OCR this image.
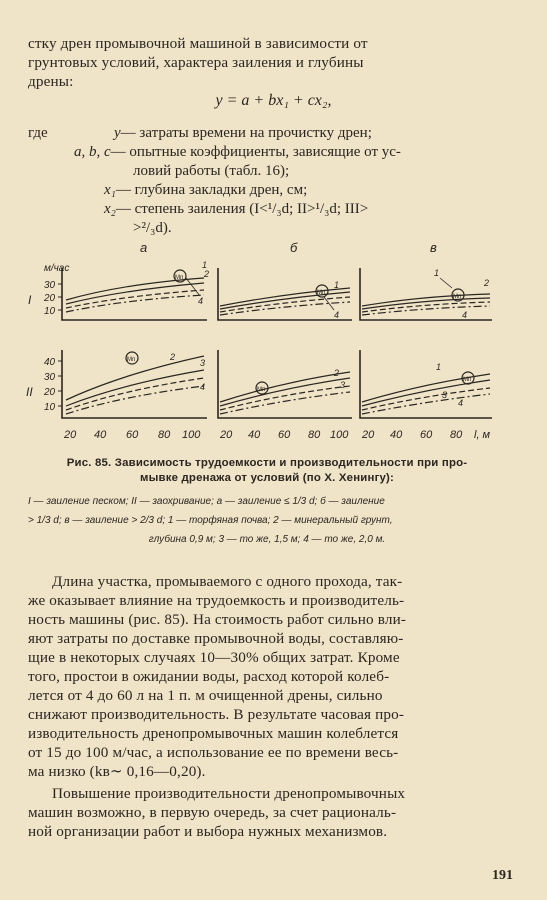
стку дрен промывочной машиной в зависимости от
грунтовых условий, характера заиления и глубины
дрены:
y = a + bx₁ + cx₂,
где	y— затраты времени на прочистку дрен;
a, b, c— опытные коэффициенты, зависящие от ус-
ловий работы (табл. 16);
x₁— глубина закладки дрен, см;
x₂— степень заиления (I<¹/₃d; II>¹/₃d; III>
>²/₃d).
а	б	в
м/час
I
II
30
20
10
40
30
20
10
Mп
1
2
4
Mп
1
4
Mп
1
2
4
Mп	2
3
4	Mп
2
3	Mп
1
3
4
20 40 60 80 100 20 40 60 80 100 20 40 60 80 l, м
Рис. 85. Зависимость трудоемкости и производительности при про-
мывке дренажа от условий (по X. Хенингу):
I — заиление песком; II — заохривание; а — заиление ≤ 1/3 d; б — заиление
> 1/3 d; в — заиление > 2/3 d; 1 — торфяная почва; 2 — минеральный грунт,
глубина 0,9 м; 3 — то же, 1,5 м; 4 — то же, 2,0 м.
Длина участка, промываемого с одного прохода, так-
же оказывает влияние на трудоемкость и производитель-
ность машины (рис. 85). На стоимость работ сильно вли-
яют затраты по доставке промывочной воды, составляю-
щие в некоторых случаях 10—30% общих затрат. Кроме
того, простои в ожидании воды, расход которой колеб-
лется от 4 до 60 л на 1 п. м очищенной дрены, сильно
снижают производительность. В результате часовая про-
изводительность дренопромывочных машин колеблется
от 15 до 100 м/час, а использование ее по времени весь-
ма низко (kв∼ 0,16—0,20).
Повышение производительности дренопромывочных
машин возможно, в первую очередь, за счет рациональ-
ной организации работ и выбора нужных механизмов.
191
